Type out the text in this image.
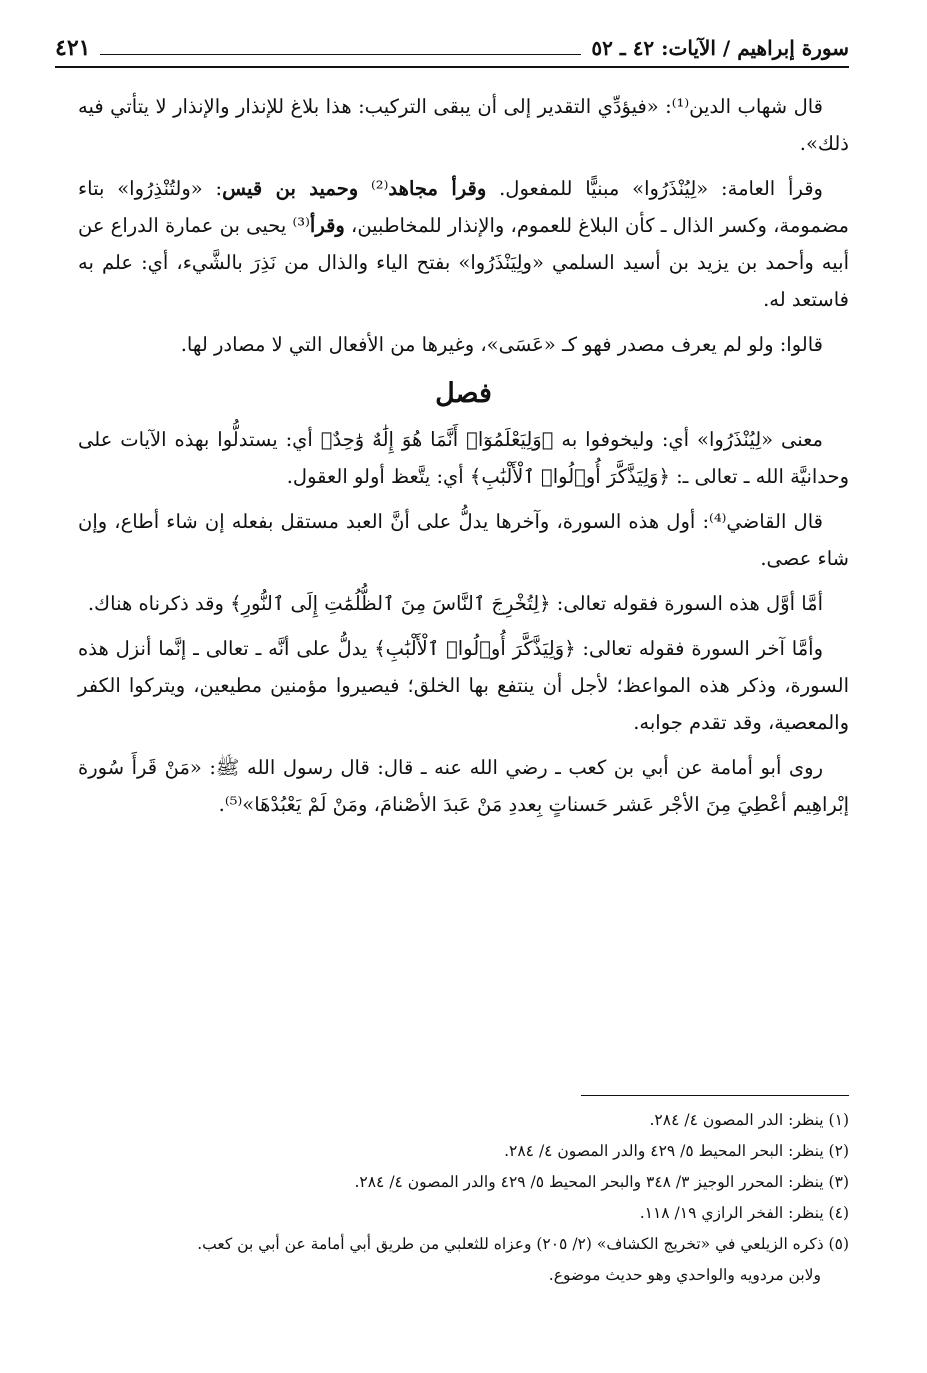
سورة إبراهيم / الآيات: ٤٢ ـ ٥٢
٤٢١

قال شهاب الدين⁽¹⁾: «فيؤدِّي التقدير إلى أن يبقى التركيب: هذا بلاغ للإنذار والإنذار لا يتأتي فيه ذلك».

وقرأ العامة: «لِيُنْذَرُوا» مبنيًّا للمفعول. وقرأ مجاهد⁽²⁾ وحميد بن قيس: «ولتُنْذِرُوا» بتاء مضمومة، وكسر الذال ـ كأن البلاغ للعموم، والإنذار للمخاطبين، وقرأ⁽³⁾ يحيى بن عمارة الدراع عن أبيه وأحمد بن يزيد بن أسيد السلمي «ولِيَنْذَرُوا» بفتح الياء والذال من نَذِرَ بالشَّيء، أي: علم به فاستعد له.

قالوا: ولو لم يعرف مصدر فهو كـ «عَسَى»، وغيرها من الأفعال التي لا مصادر لها.

فصل

معنى «لِيُنْذَرُوا» أي: وليخوفوا به ﴿وَلِيَعْلَمُوٓا۟ أَنَّمَا هُوَ إِلَٰهٌ وَٰحِدٌ﴾ أي: يستدلُّوا بهذه الآيات على وحدانيَّة الله ـ تعالى ـ: ﴿وَلِيَذَّكَّرَ أُو۟لُوا۟ ٱلْأَلْبَٰبِ﴾ أي: يتَّعظ أولو العقول.

قال القاضي⁽⁴⁾: أول هذه السورة، وآخرها يدلُّ على أنَّ العبد مستقل بفعله إن شاء أطاع، وإن شاء عصى.

أمَّا أوَّل هذه السورة فقوله تعالى: ﴿لِتُخْرِجَ ٱلنَّاسَ مِنَ ٱلظُّلُمَٰتِ إِلَى ٱلنُّورِ﴾ وقد ذكرناه هناك.

وأمَّا آخر السورة فقوله تعالى: ﴿وَلِيَذَّكَّرَ أُو۟لُوا۟ ٱلْأَلْبَٰبِ﴾ يدلُّ على أنَّه ـ تعالى ـ إنَّما أنزل هذه السورة، وذكر هذه المواعظ؛ لأجل أن ينتفع بها الخلق؛ فيصيروا مؤمنين مطيعين، ويتركوا الكفر والمعصية، وقد تقدم جوابه.

روى أبو أمامة عن أبي بن كعب ـ رضي الله عنه ـ قال: قال رسول الله ﷺ: «مَنْ قَرأَ سُورة إبْراهِيم أعْطِيَ مِنَ الأجْر عَشر حَسناتٍ بِعددِ مَنْ عَبدَ الأصْنامَ، ومَنْ لَمْ يَعْبُدْهَا»⁽⁵⁾.

(١) ينظر: الدر المصون ٤/ ٢٨٤.

(٢) ينظر: البحر المحيط ٥/ ٤٢٩ والدر المصون ٤/ ٢٨٤.

(٣) ينظر: المحرر الوجيز ٣/ ٣٤٨ والبحر المحيط ٥/ ٤٢٩ والدر المصون ٤/ ٢٨٤.

(٤) ينظر: الفخر الرازي ١٩/ ١١٨.

(٥) ذكره الزيلعي في «تخريج الكشاف» (٢/ ٢٠٥) وعزاه للثعلبي من طريق أبي أمامة عن أبي بن كعب.

ولابن مردويه والواحدي وهو حديث موضوع.
